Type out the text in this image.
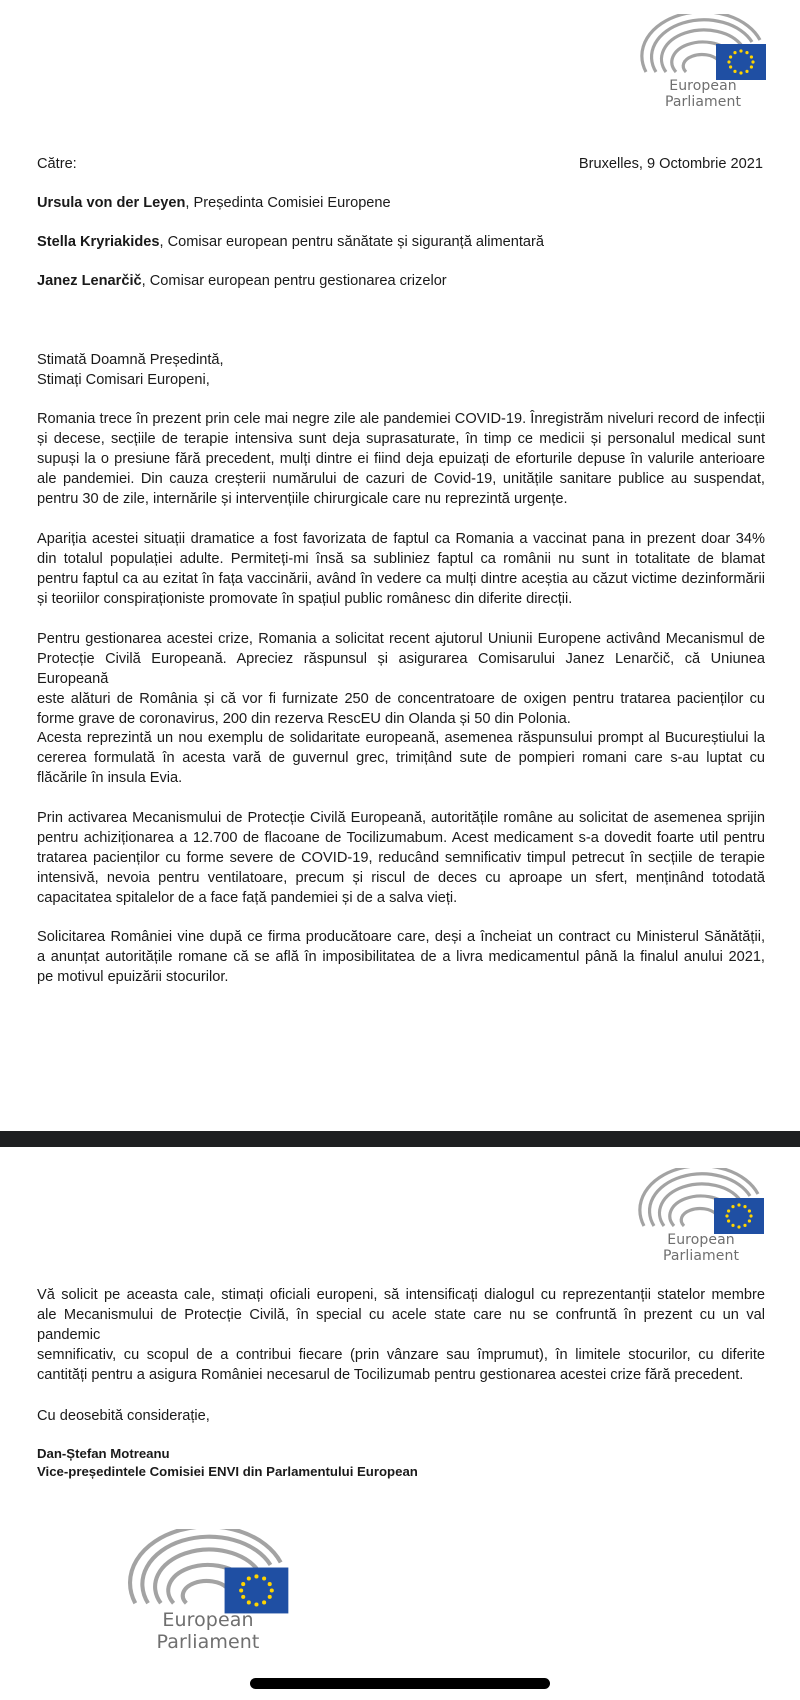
European Parliament

Către:	Bruxelles, 9 Octombrie 2021

Ursula von der Leyen, Președinta Comisiei Europene

Stella Kryriakides, Comisar european pentru sănătate și siguranță alimentară

Janez Lenarčič, Comisar european pentru gestionarea crizelor

Stimată Doamnă Președintă,

Stimați Comisari Europeni,

Romania trece în prezent prin cele mai negre zile ale pandemiei COVID-19. Înregistrăm niveluri record de infecții
și decese, secțiile de terapie intensiva sunt deja suprasaturate, în timp ce medicii și personalul medical sunt
supuși la o presiune fără precedent, mulți dintre ei fiind deja epuizați de eforturile depuse în valurile anterioare
ale pandemiei. Din cauza creșterii numărului de cazuri de Covid-19, unitățile sanitare publice au suspendat,
pentru 30 de zile, internările și intervențiile chirurgicale care nu reprezintă urgențe.
Apariția acestei situații dramatice a fost favorizata de faptul ca Romania a vaccinat pana in prezent doar 34%
din totalul populației adulte. Permiteți-mi însă sa subliniez faptul ca românii nu sunt in totalitate de blamat
pentru faptul ca au ezitat în fața vaccinării, având în vedere ca mulți dintre aceștia au căzut victime dezinformării
și teoriilor conspiraționiste promovate în spațiul public românesc din diferite direcții.
Pentru gestionarea acestei crize, Romania a solicitat recent ajutorul Uniunii Europene activând Mecanismul de
Protecție Civilă Europeană. Apreciez răspunsul și asigurarea Comisarului Janez Lenarčič, că Uniunea Europeană
este alături de România și că vor fi furnizate 250 de concentratoare de oxigen pentru tratarea pacienților cu
forme grave de coronavirus, 200 din rezerva RescEU din Olanda și 50 din Polonia.
Acesta reprezintă un nou exemplu de solidaritate europeană, asemenea răspunsului prompt al Bucureștiului la
cererea formulată în acesta vară de guvernul grec, trimițând sute de pompieri romani care s-au luptat cu
flăcările în insula Evia.
Prin activarea Mecanismului de Protecție Civilă Europeană, autoritățile române au solicitat de asemenea sprijin
pentru achiziționarea a 12.700 de flacoane de Tocilizumabum. Acest medicament s-a dovedit foarte util pentru
tratarea pacienților cu forme severe de COVID-19, reducând semnificativ timpul petrecut în secțiile de terapie
intensivă, nevoia pentru ventilatoare, precum și riscul de deces cu aproape un sfert, menținând totodată
capacitatea spitalelor de a face față pandemiei și de a salva vieți.
Solicitarea României vine după ce firma producătoare care, deși a încheiat un contract cu Ministerul Sănătății,
a anunțat autoritățile romane că se află în imposibilitatea de a livra medicamentul până la finalul anului 2021,
pe motivul epuizării stocurilor.
European Parliament
Vă solicit pe aceasta cale, stimați oficiali europeni, să intensificați dialogul cu reprezentanții statelor membre
ale Mecanismului de Protecție Civilă, în special cu acele state care nu se confruntă în prezent cu un val pandemic
semnificativ, cu scopul de a contribui fiecare (prin vânzare sau împrumut), în limitele stocurilor, cu diferite
cantități pentru a asigura României necesarul de Tocilizumab pentru gestionarea acestei crize fără precedent.

Cu deosebită considerație,

Dan-Ștefan Motreanu

Vice-președintele Comisiei ENVI din Parlamentului European

European Parliament
